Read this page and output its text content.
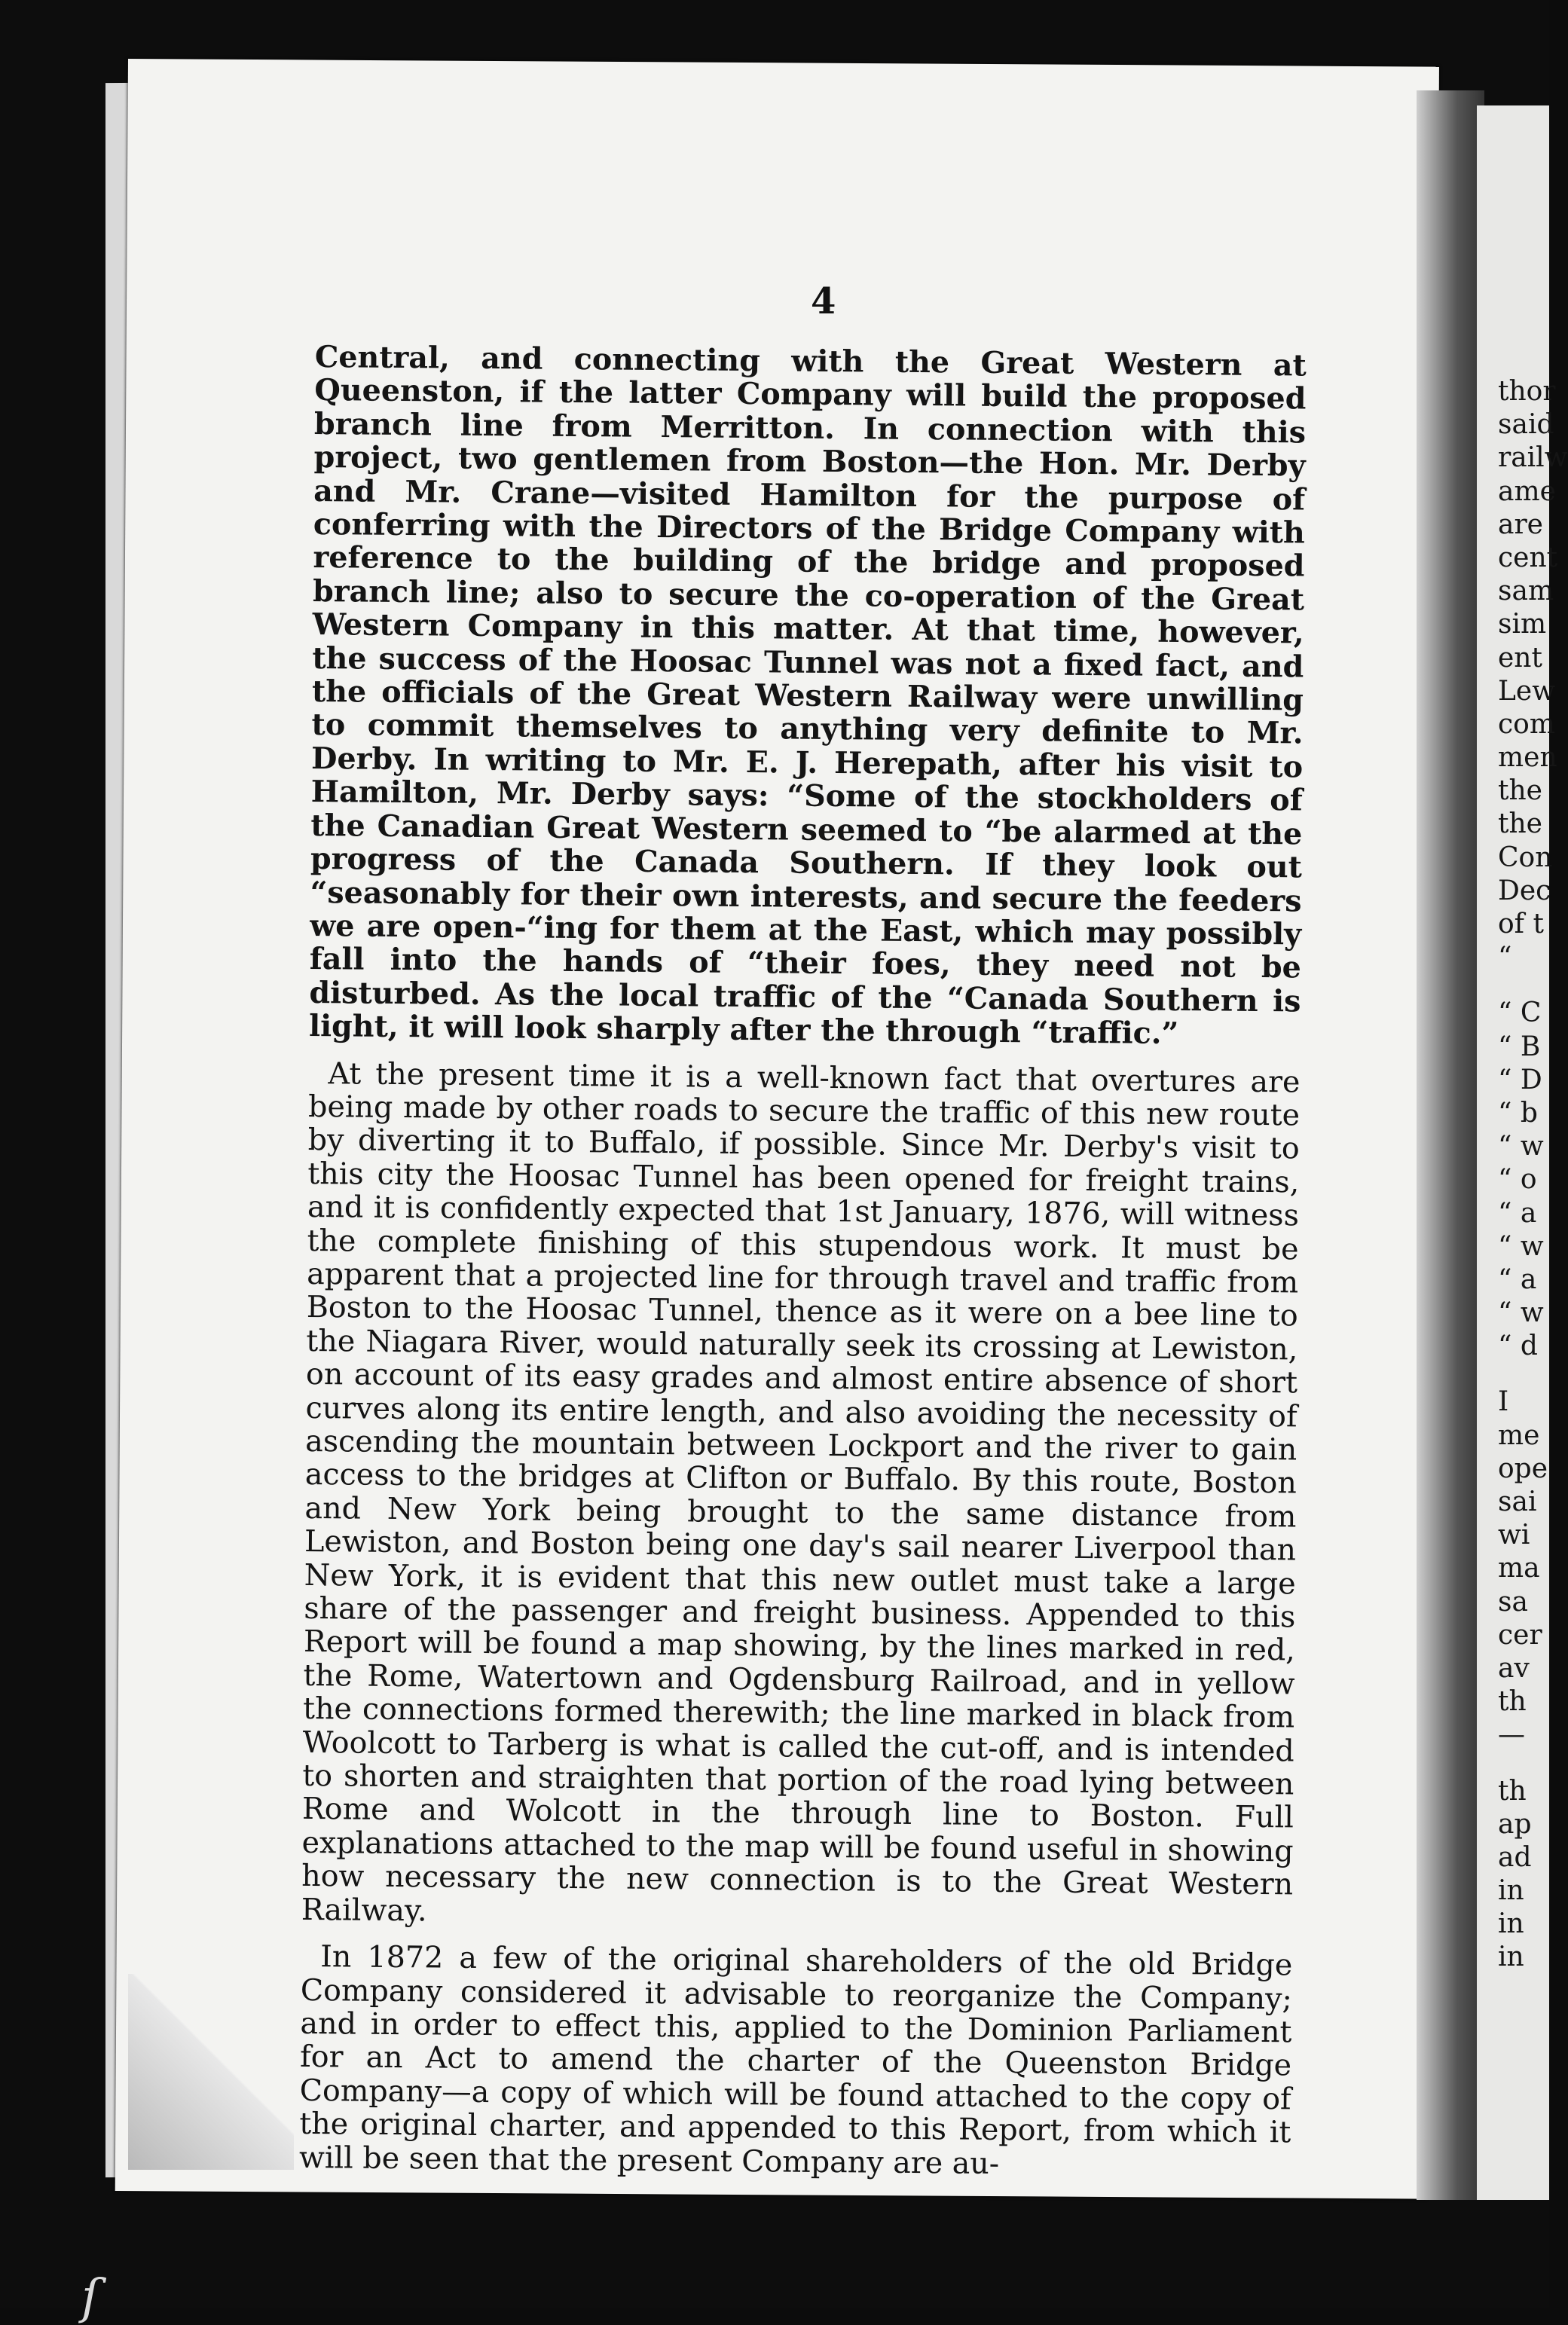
4

Central, and connecting with the Great Western at Queenston, if the latter Company will build the proposed branch line from Merritton. In connection with this project, two gentlemen from Boston—the Hon. Mr. Derby and Mr. Crane—visited Hamilton for the purpose of conferring with the Directors of the Bridge Company with reference to the building of the bridge and proposed branch line; also to secure the co-operation of the Great Western Company in this matter. At that time, however, the success of the Hoosac Tunnel was not a fixed fact, and the officials of the Great Western Railway were unwilling to commit themselves to anything very definite to Mr. Derby. In writing to Mr. E. J. Herepath, after his visit to Hamilton, Mr. Derby says: “Some of the stockholders of the Canadian Great Western seemed to “be alarmed at the progress of the Canada Southern. If they look out “seasonably for their own interests, and secure the feeders we are open-“ing for them at the East, which may possibly fall into the hands of “their foes, they need not be disturbed. As the local traffic of the “Canada Southern is light, it will look sharply after the through “traffic.”

At the present time it is a well-known fact that overtures are being made by other roads to secure the traffic of this new route by diverting it to Buffalo, if possible. Since Mr. Derby's visit to this city the Hoosac Tunnel has been opened for freight trains, and it is confidently expected that 1st January, 1876, will witness the complete finishing of this stupendous work. It must be apparent that a projected line for through travel and traffic from Boston to the Hoosac Tunnel, thence as it were on a bee line to the Niagara River, would naturally seek its crossing at Lewiston, on account of its easy grades and almost entire absence of short curves along its entire length, and also avoiding the necessity of ascending the mountain between Lockport and the river to gain access to the bridges at Clifton or Buffalo. By this route, Boston and New York being brought to the same distance from Lewiston, and Boston being one day's sail nearer Liverpool than New York, it is evident that this new outlet must take a large share of the passenger and freight business. Appended to this Report will be found a map showing, by the lines marked in red, the Rome, Watertown and Ogdensburg Railroad, and in yellow the connections formed therewith; the line marked in black from Woolcott to Tarberg is what is called the cut-off, and is intended to shorten and straighten that portion of the road lying between Rome and Wolcott in the through line to Boston. Full explanations attached to the map will be found useful in showing how necessary the new connection is to the Great Western Railway.

In 1872 a few of the original shareholders of the old Bridge Company considered it advisable to reorganize the Company; and in order to effect this, applied to the Dominion Parliament for an Act to amend the charter of the Queenston Bridge Company—a copy of which will be found attached to the copy of the original charter, and appended to this Report, from which it will be seen that the present Company are au-

thor
said
railw
ame
are
cent
sam
sim
ent
Lew
com
men
the
the
Con
Dec
of t
“
“ C
“ B
“ D
“ b
“ w
“ o
“ a
“ w
“ a
“ w
“ d
I
me
ope
sai
wi
ma
sa
cer
av
th
—
th
ap
ad
in
in
in
ſ
